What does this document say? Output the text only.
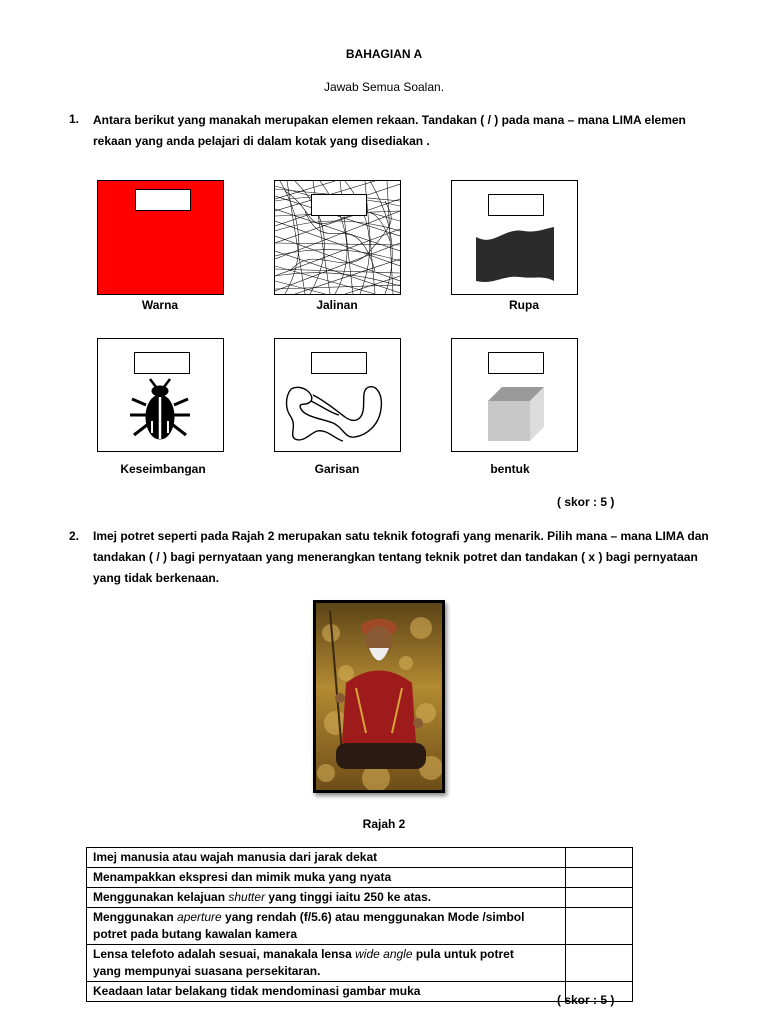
BAHAGIAN A
Jawab Semua Soalan.
1. Antara berikut yang manakah merupakan elemen rekaan. Tandakan ( / ) pada mana – mana LIMA elemen
rekaan yang anda pelajari di dalam kotak yang disediakan .
Warna	Jalinan	Rupa
Keseimbangan	Garisan	bentuk
( skor : 5 )
2. Imej potret seperti pada Rajah 2 merupakan satu teknik fotografi yang menarik. Pilih mana – mana LIMA dan
tandakan ( / ) bagi pernyataan yang menerangkan tentang teknik potret dan tandakan ( x ) bagi pernyataan
yang tidak berkenaan.
Rajah 2
Imej manusia atau wajah manusia dari jarak dekat	
Menampakkan ekspresi dan mimik muka yang nyata	
Menggunakan kelajuan shutter yang tinggi iaitu 250 ke atas.	
Menggunakan aperture yang rendah (f/5.6) atau menggunakan Mode /simbol
potret pada butang kawalan kamera	
Lensa telefoto adalah sesuai, manakala lensa wide angle pula untuk potret
yang mempunyai suasana persekitaran.	
Keadaan latar belakang tidak mendominasi gambar muka	
( skor : 5 )
